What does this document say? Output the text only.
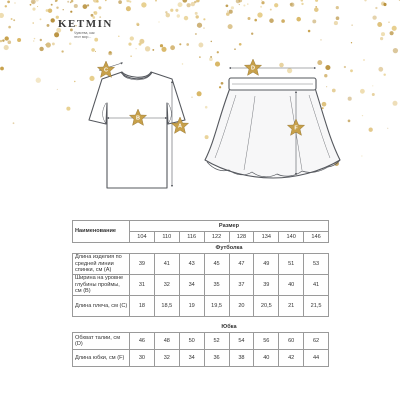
KETMIN
Чувства, как
этот мир...
C
B
A
D
F
Наименование	Размер							
	104	110	116	122	128	134	140	146
	Футболка							
Длина изделия по средней линии спинки, см (A)	39	41	43	45	47	49	51	53
Ширина на уровне глубины проймы, см (B)	31	32	34	35	37	39	40	41
Длина плеча, см (C)	18	18,5	19	19,5	20	20,5	21	21,5

	Юбка							
Обхват талии, см (D)	46	48	50	52	54	56	60	62
Длина юбки, см (F)	30	32	34	36	38	40	42	44
